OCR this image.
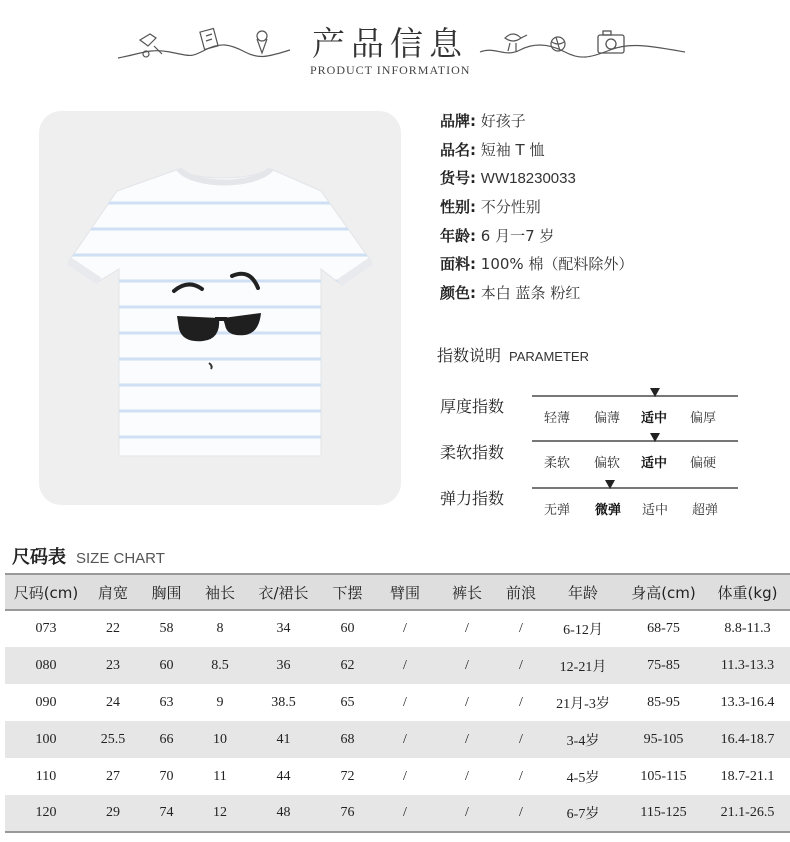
产品信息
PRODUCT INFORMATION
品牌: 好孩子
品名: 短袖 T 恤
货号: WW18230033
性别: 不分性别
年龄: 6 月一7 岁
面料: 100% 棉（配料除外）
颜色: 本白 蓝条 粉红
指数说明 PARAMETER
厚度指数
轻薄 偏薄 适中 偏厚
柔软指数
柔软 偏软 适中 偏硬
弹力指数
无弹 微弹 适中 超弹
尺码表 SIZE CHART
尺码(cm)	肩宽	胸围	袖长	衣/裙长	下摆	臂围	裤长	前浪	年龄	身高(cm)	体重(kg)
073	22	58	8	34	60	/	/	/	6-12月	68-75	8.8-11.3
080	23	60	8.5	36	62	/	/	/	12-21月	75-85	11.3-13.3
090	24	63	9	38.5	65	/	/	/	21月-3岁	85-95	13.3-16.4
100	25.5	66	10	41	68	/	/	/	3-4岁	95-105	16.4-18.7
110	27	70	11	44	72	/	/	/	4-5岁	105-115	18.7-21.1
120	29	74	12	48	76	/	/	/	6-7岁	115-125	21.1-26.5
